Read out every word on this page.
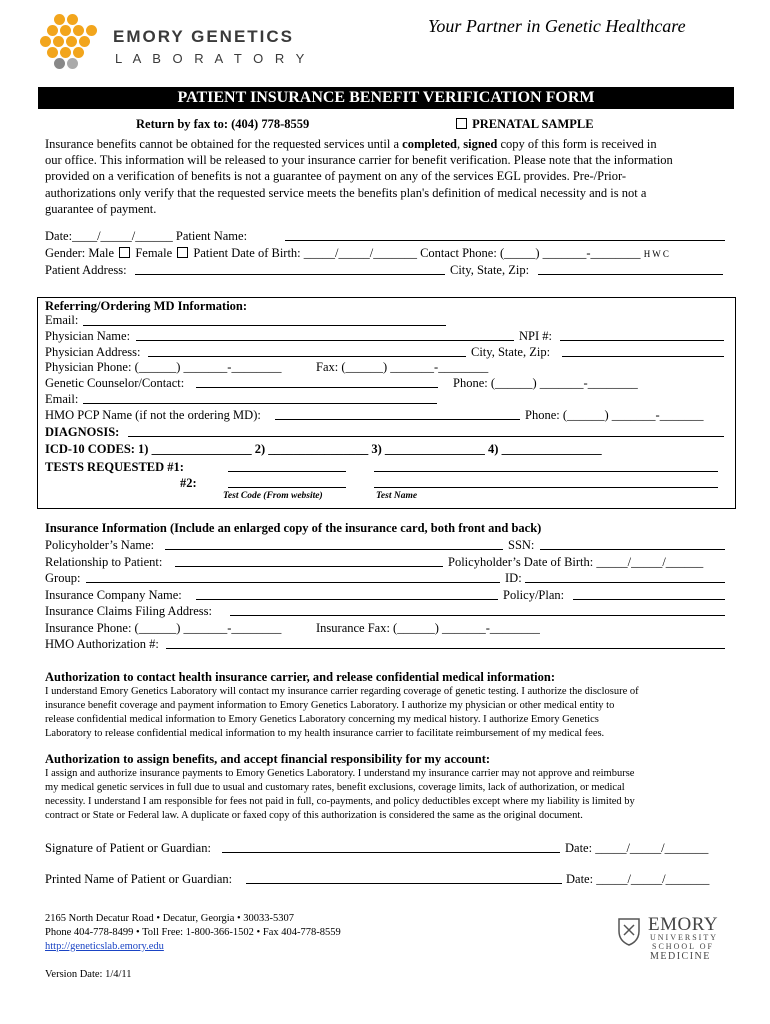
EMORY GENETICS
L A B O R A T O R Y
Your Partner in Genetic Healthcare
PATIENT INSURANCE BENEFIT VERIFICATION FORM
Return by fax to: (404) 778-8559	PRENATAL SAMPLE
Insurance benefits cannot be obtained for the requested services until a completed, signed copy of this form is received in
our office. This information will be released to your insurance carrier for benefit verification. Please note that the information
provided on a verification of benefits is not a guarantee of payment on any of the services EGL provides. Pre-/Prior-
authorizations only verify that the requested service meets the benefits plan's definition of medical necessity and is not a
guarantee of payment.
Date:____/_____/______ Patient Name:
Gender: Male Female Patient Date of Birth: _____/_____/_______ Contact Phone: (_____) _______-________ H W C
Patient Address:	City, State, Zip:
Referring/Ordering MD Information:
Email:
Physician Name:	NPI #:
Physician Address:	City, State, Zip:
Physician Phone: (______) _______-________	Fax: (______) _______-________
Genetic Counselor/Contact:	Phone: (______) _______-________
Email:
HMO PCP Name (if not the ordering MD):	Phone: (______) _______-_______
DIAGNOSIS:
ICD-10 CODES: 1) ________________ 2) ________________ 3) ________________ 4) ________________
TESTS REQUESTED #1:
#2:
Test Code (From website)	Test Name
Insurance Information (Include an enlarged copy of the insurance card, both front and back)
Policyholder’s Name:	SSN:
Relationship to Patient:	Policyholder’s Date of Birth: _____/_____/______
Group:	ID:
Insurance Company Name:	Policy/Plan:
Insurance Claims Filing Address:
Insurance Phone: (______) _______-________	Insurance Fax: (______) _______-________
HMO Authorization #:
Authorization to contact health insurance carrier, and release confidential medical information:
I understand Emory Genetics Laboratory will contact my insurance carrier regarding coverage of genetic testing. I authorize the disclosure of
insurance benefit coverage and payment information to Emory Genetics Laboratory. I authorize my physician or other medical entity to
release confidential medical information to Emory Genetics Laboratory concerning my medical history. I authorize Emory Genetics
Laboratory to release confidential medical information to my health insurance carrier to facilitate reimbursement of my medical fees.
Authorization to assign benefits, and accept financial responsibility for my account:
I assign and authorize insurance payments to Emory Genetics Laboratory. I understand my insurance carrier may not approve and reimburse
my medical genetic services in full due to usual and customary rates, benefit exclusions, coverage limits, lack of authorization, or medical
necessity. I understand I am responsible for fees not paid in full, co-payments, and policy deductibles except where my liability is limited by
contract or State or Federal law. A duplicate or faxed copy of this authorization is considered the same as the original document.
Signature of Patient or Guardian:	Date: _____/_____/_______
Printed Name of Patient or Guardian:	Date: _____/_____/_______
2165 North Decatur Road • Decatur, Georgia • 30033-5307
Phone 404-778-8499 • Toll Free: 1-800-366-1502 • Fax 404-778-8559
http://geneticslab.emory.edu
Version Date: 1/4/11
EMORY
UNIVERSITY
SCHOOL OF
MEDICINE
